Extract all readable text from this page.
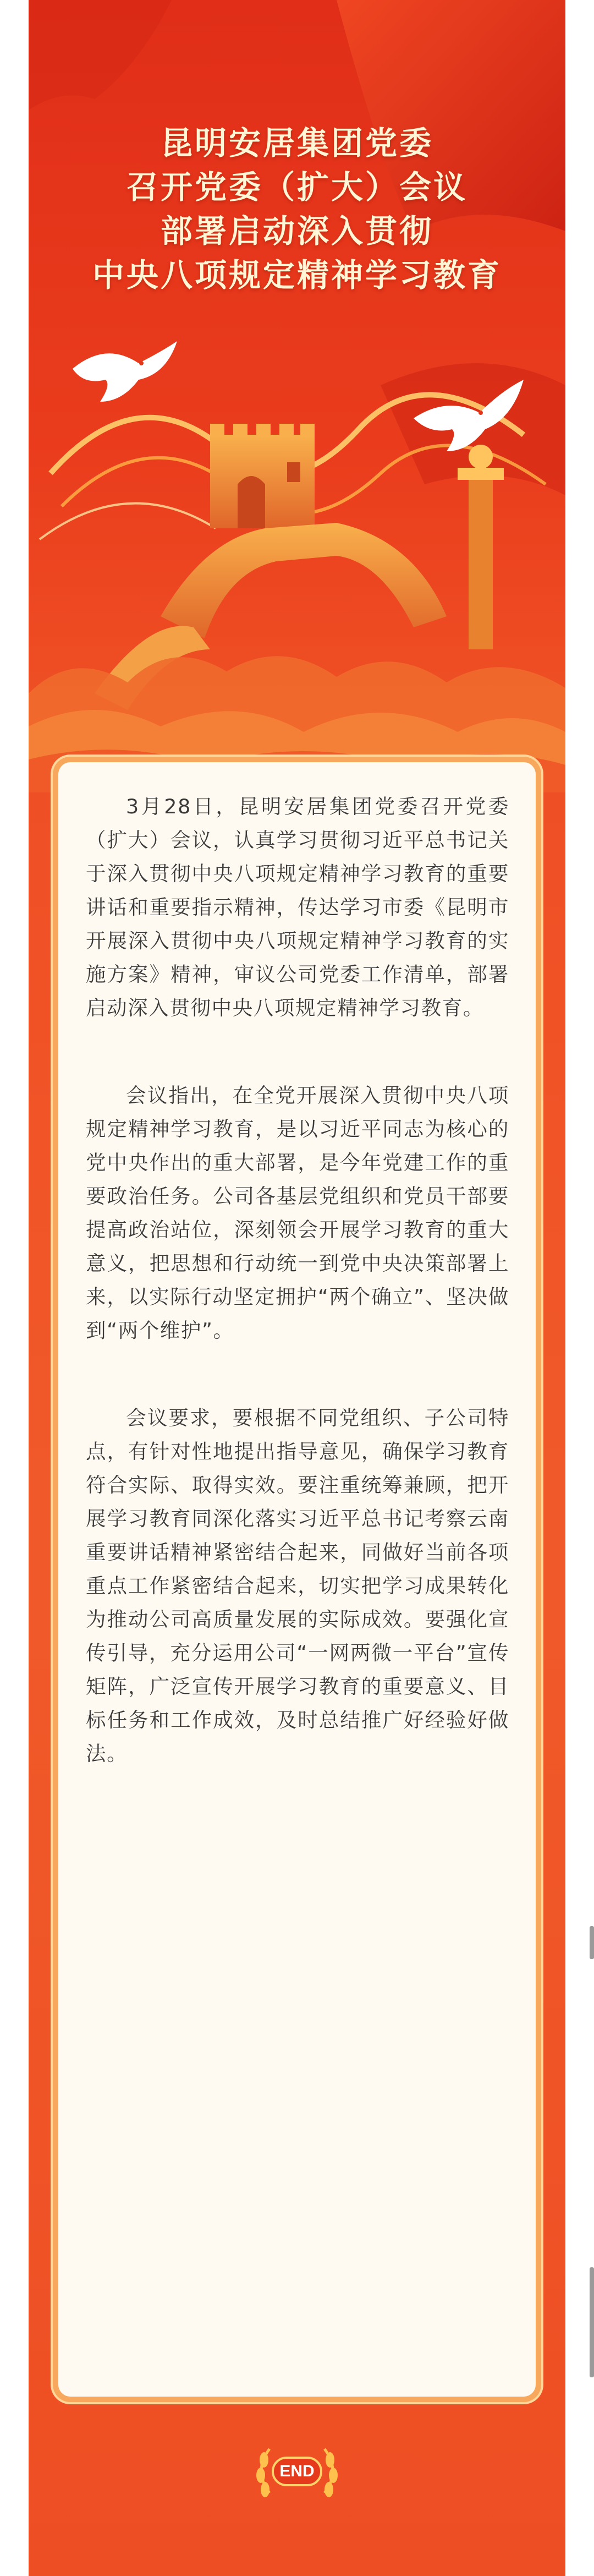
昆明安居集团党委
召开党委（扩大）会议
部署启动深入贯彻
中央八项规定精神学习教育

3月28日，昆明安居集团党委召开党委（扩大）会议，认真学习贯彻习近平总书记关于深入贯彻中央八项规定精神学习教育的重要讲话和重要指示精神，传达学习市委《昆明市开展深入贯彻中央八项规定精神学习教育的实施方案》精神，审议公司党委工作清单，部署启动深入贯彻中央八项规定精神学习教育。

会议指出，在全党开展深入贯彻中央八项规定精神学习教育，是以习近平同志为核心的党中央作出的重大部署，是今年党建工作的重要政治任务。公司各基层党组织和党员干部要提高政治站位，深刻领会开展学习教育的重大意义，把思想和行动统一到党中央决策部署上来，以实际行动坚定拥护“两个确立”、坚决做到“两个维护”。

会议要求，要根据不同党组织、子公司特点，有针对性地提出指导意见，确保学习教育符合实际、取得实效。要注重统筹兼顾，把开展学习教育同深化落实习近平总书记考察云南重要讲话精神紧密结合起来，同做好当前各项重点工作紧密结合起来，切实把学习成果转化为推动公司高质量发展的实际成效。要强化宣传引导，充分运用公司“一网两微一平台”宣传矩阵，广泛宣传开展学习教育的重要意义、目标任务和工作成效，及时总结推广好经验好做法。

END
